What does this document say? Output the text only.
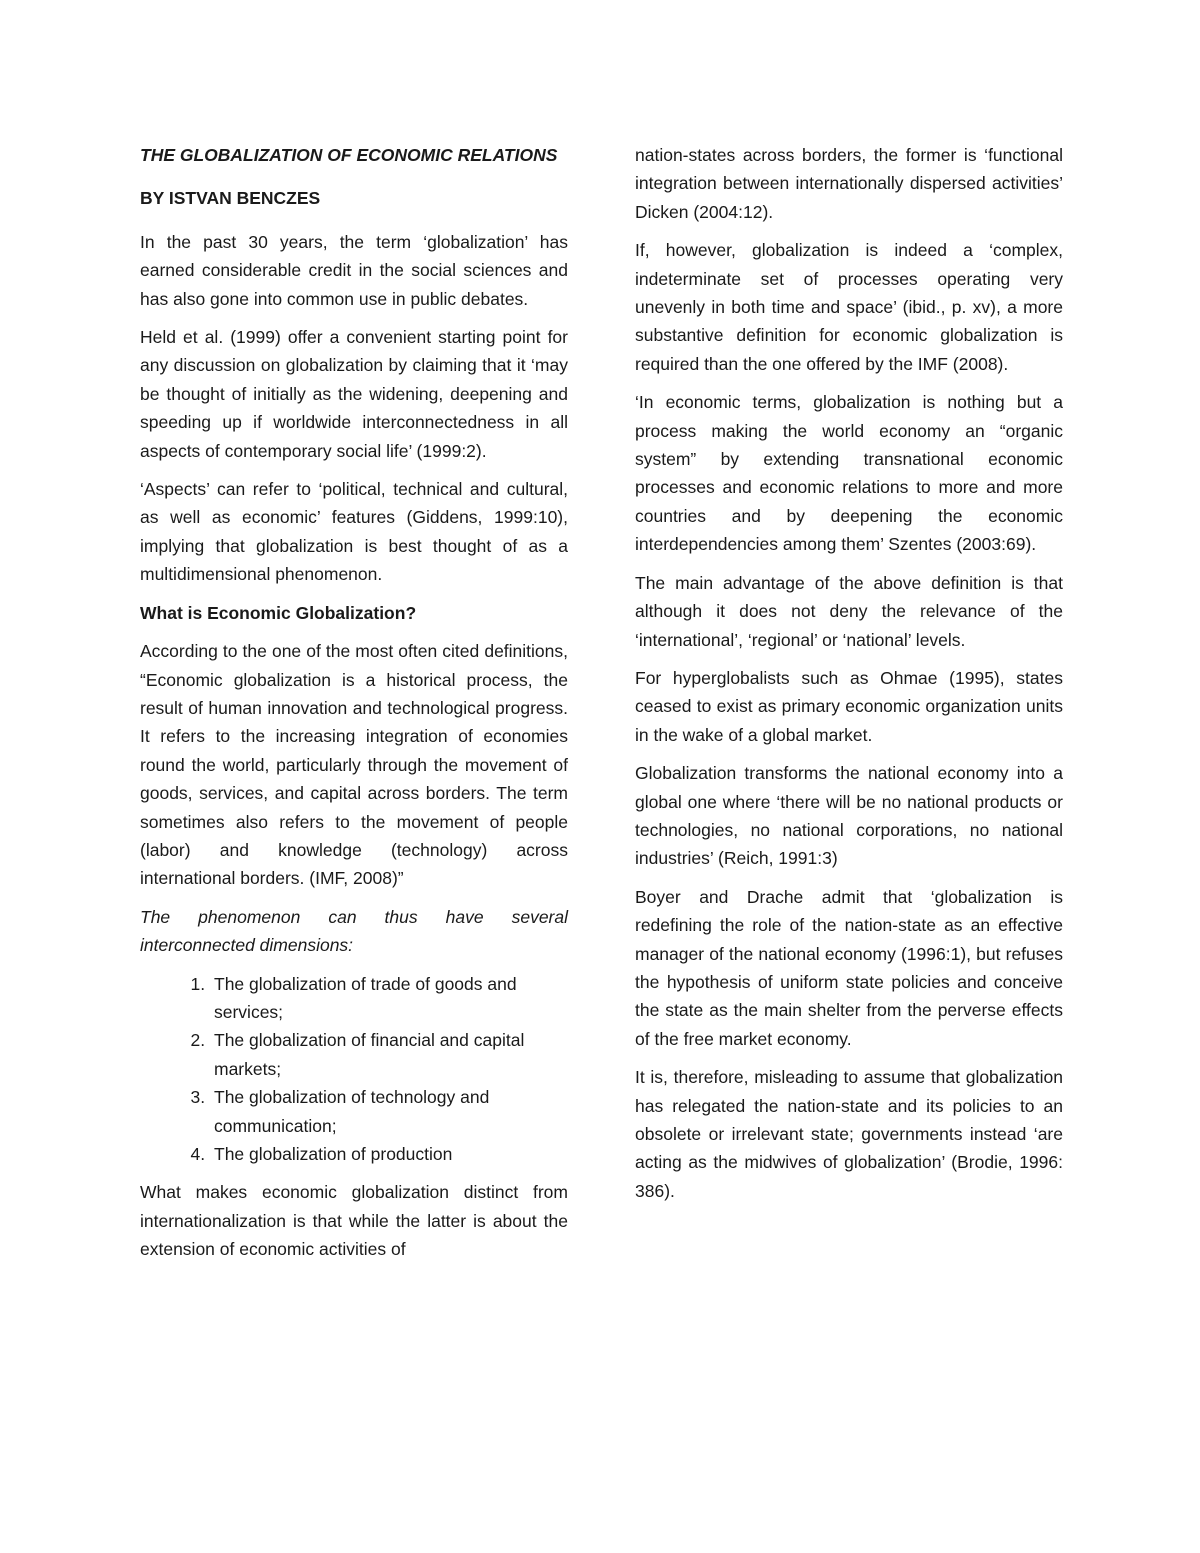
THE GLOBALIZATION OF ECONOMIC RELATIONS

BY ISTVAN BENCZES

In the past 30 years, the term ‘globalization’ has earned considerable credit in the social sciences and has also gone into common use in public debates.

Held et al. (1999) offer a convenient starting point for any discussion on globalization by claiming that it ‘may be thought of initially as the widening, deepening and speeding up if worldwide interconnectedness in all aspects of contemporary social life’ (1999:2).

‘Aspects’ can refer to ‘political, technical and cultural, as well as economic’ features (Giddens, 1999:10), implying that globalization is best thought of as a multidimensional phenomenon.

What is Economic Globalization?

According to the one of the most often cited definitions, “Economic globalization is a historical process, the result of human innovation and technological progress. It refers to the increasing integration of economies round the world, particularly through the movement of goods, services, and capital across borders. The term sometimes also refers to the movement of people (labor) and knowledge (technology) across international borders. (IMF, 2008)”

The phenomenon can thus have several interconnected dimensions:

1. The globalization of trade of goods and services;
2. The globalization of financial and capital markets;
3. The globalization of technology and communication;
4. The globalization of production

What makes economic globalization distinct from internationalization is that while the latter is about the extension of economic activities of

nation-states across borders, the former is ‘functional integration between internationally dispersed activities’ Dicken (2004:12).

If, however, globalization is indeed a ‘complex, indeterminate set of processes operating very unevenly in both time and space’ (ibid., p. xv), a more substantive definition for economic globalization is required than the one offered by the IMF (2008).

‘In economic terms, globalization is nothing but a process making the world economy an “organic system” by extending transnational economic processes and economic relations to more and more countries and by deepening the economic interdependencies among them’ Szentes (2003:69).

The main advantage of the above definition is that although it does not deny the relevance of the ‘international’, ‘regional’ or ‘national’ levels.

For hyperglobalists such as Ohmae (1995), states ceased to exist as primary economic organization units in the wake of a global market.

Globalization transforms the national economy into a global one where ‘there will be no national products or technologies, no national corporations, no national industries’ (Reich, 1991:3)

Boyer and Drache admit that ‘globalization is redefining the role of the nation-state as an effective manager of the national economy (1996:1), but refuses the hypothesis of uniform state policies and conceive the state as the main shelter from the perverse effects of the free market economy.

It is, therefore, misleading to assume that globalization has relegated the nation-state and its policies to an obsolete or irrelevant state; governments instead ‘are acting as the midwives of globalization’ (Brodie, 1996: 386).
